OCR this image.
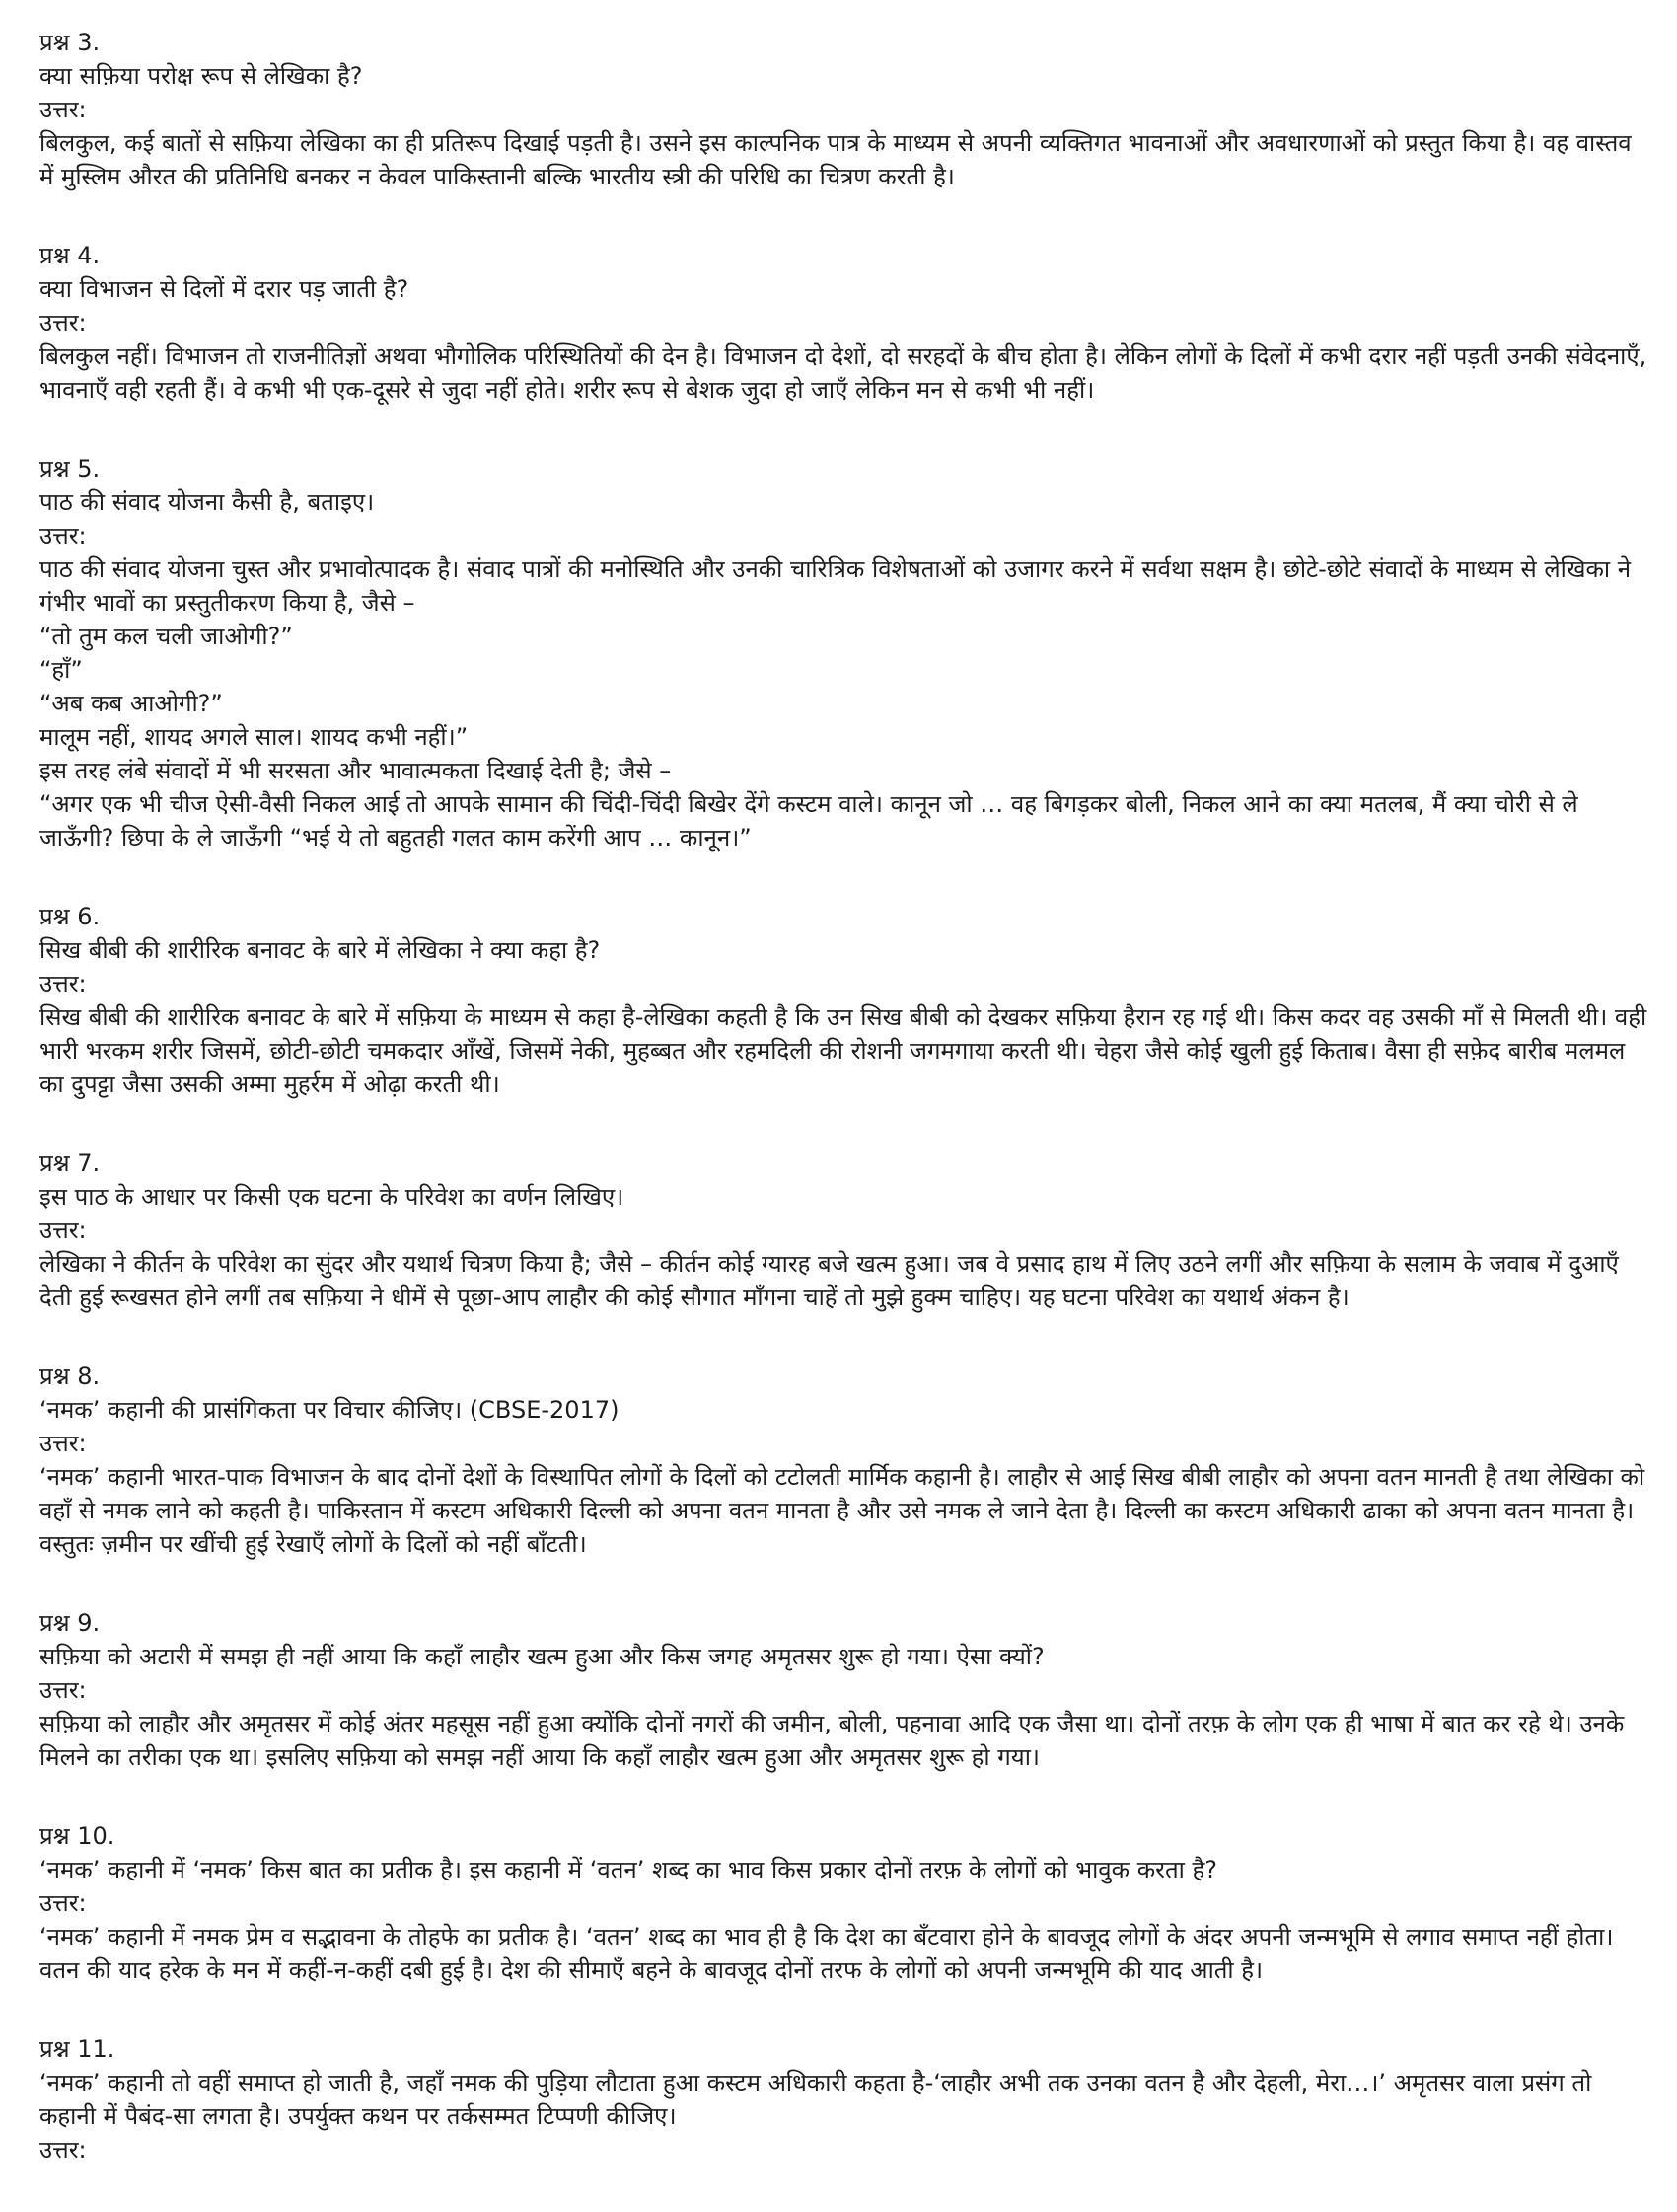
प्रश्न 3.

क्या सफ़िया परोक्ष रूप से लेखिका है?

उत्तर:

बिलकुल, कई बातों से सफ़िया लेखिका का ही प्रतिरूप दिखाई पड़ती है। उसने इस काल्पनिक पात्र के माध्यम से अपनी व्यक्तिगत भावनाओं और अवधारणाओं को प्रस्तुत किया है। वह वास्तव में मुस्लिम औरत की प्रतिनिधि बनकर न केवल पाकिस्तानी बल्कि भारतीय स्त्री की परिधि का चित्रण करती है।

प्रश्न 4.

क्या विभाजन से दिलों में दरार पड़ जाती है?

उत्तर:

बिलकुल नहीं। विभाजन तो राजनीतिज्ञों अथवा भौगोलिक परिस्थितियों की देन है। विभाजन दो देशों, दो सरहदों के बीच होता है। लेकिन लोगों के दिलों में कभी दरार नहीं पड़ती उनकी संवेदनाएँ, भावनाएँ वही रहती हैं। वे कभी भी एक-दूसरे से जुदा नहीं होते। शरीर रूप से बेशक जुदा हो जाएँ लेकिन मन से कभी भी नहीं।

प्रश्न 5.

पाठ की संवाद योजना कैसी है, बताइए।

उत्तर:

पाठ की संवाद योजना चुस्त और प्रभावोत्पादक है। संवाद पात्रों की मनोस्थिति और उनकी चारित्रिक विशेषताओं को उजागर करने में सर्वथा सक्षम है। छोटे-छोटे संवादों के माध्यम से लेखिका ने गंभीर भावों का प्रस्तुतीकरण किया है, जैसे –

“तो तुम कल चली जाओगी?”

“हाँ”

“अब कब आओगी?”

मालूम नहीं, शायद अगले साल। शायद कभी नहीं।”

इस तरह लंबे संवादों में भी सरसता और भावात्मकता दिखाई देती है; जैसे –

“अगर एक भी चीज ऐसी-वैसी निकल आई तो आपके सामान की चिंदी-चिंदी बिखेर देंगे कस्टम वाले। कानून जो … वह बिगड़कर बोली, निकल आने का क्या मतलब, मैं क्या चोरी से ले जाऊँगी? छिपा के ले जाऊँगी “भई ये तो बहुतही गलत काम करेंगी आप … कानून।”

प्रश्न 6.

सिख बीबी की शारीरिक बनावट के बारे में लेखिका ने क्या कहा है?

उत्तर:

सिख बीबी की शारीरिक बनावट के बारे में सफ़िया के माध्यम से कहा है-लेखिका कहती है कि उन सिख बीबी को देखकर सफ़िया हैरान रह गई थी। किस कदर वह उसकी माँ से मिलती थी। वही भारी भरकम शरीर जिसमें, छोटी-छोटी चमकदार आँखें, जिसमें नेकी, मुहब्बत और रहमदिली की रोशनी जगमगाया करती थी। चेहरा जैसे कोई खुली हुई किताब। वैसा ही सफ़ेद बारीब मलमल का दुपट्टा जैसा उसकी अम्मा मुहर्रम में ओढ़ा करती थी।

प्रश्न 7.

इस पाठ के आधार पर किसी एक घटना के परिवेश का वर्णन लिखिए।

उत्तर:

लेखिका ने कीर्तन के परिवेश का सुंदर और यथार्थ चित्रण किया है; जैसे – कीर्तन कोई ग्यारह बजे खत्म हुआ। जब वे प्रसाद हाथ में लिए उठने लगीं और सफ़िया के सलाम के जवाब में दुआएँ देती हुई रूखसत होने लगीं तब सफ़िया ने धीमें से पूछा-आप लाहौर की कोई सौगात माँगना चाहें तो मुझे हुक्म चाहिए। यह घटना परिवेश का यथार्थ अंकन है।

प्रश्न 8.

‘नमक’ कहानी की प्रासंगिकता पर विचार कीजिए। (CBSE-2017)

उत्तर:

‘नमक’ कहानी भारत-पाक विभाजन के बाद दोनों देशों के विस्थापित लोगों के दिलों को टटोलती मार्मिक कहानी है। लाहौर से आई सिख बीबी लाहौर को अपना वतन मानती है तथा लेखिका को वहाँ से नमक लाने को कहती है। पाकिस्तान में कस्टम अधिकारी दिल्ली को अपना वतन मानता है और उसे नमक ले जाने देता है। दिल्ली का कस्टम अधिकारी ढाका को अपना वतन मानता है। वस्तुतः ज़मीन पर खींची हुई रेखाएँ लोगों के दिलों को नहीं बाँटती।

प्रश्न 9.

सफ़िया को अटारी में समझ ही नहीं आया कि कहाँ लाहौर खत्म हुआ और किस जगह अमृतसर शुरू हो गया। ऐसा क्यों?

उत्तर:

सफ़िया को लाहौर और अमृतसर में कोई अंतर महसूस नहीं हुआ क्योंकि दोनों नगरों की जमीन, बोली, पहनावा आदि एक जैसा था। दोनों तरफ़ के लोग एक ही भाषा में बात कर रहे थे। उनके मिलने का तरीका एक था। इसलिए सफ़िया को समझ नहीं आया कि कहाँ लाहौर खत्म हुआ और अमृतसर शुरू हो गया।

प्रश्न 10.

‘नमक’ कहानी में ‘नमक’ किस बात का प्रतीक है। इस कहानी में ‘वतन’ शब्द का भाव किस प्रकार दोनों तरफ़ के लोगों को भावुक करता है?

उत्तर:

‘नमक’ कहानी में नमक प्रेम व सद्भावना के तोहफे का प्रतीक है। ‘वतन’ शब्द का भाव ही है कि देश का बँटवारा होने के बावजूद लोगों के अंदर अपनी जन्मभूमि से लगाव समाप्त नहीं होता। वतन की याद हरेक के मन में कहीं-न-कहीं दबी हुई है। देश की सीमाएँ बहने के बावजूद दोनों तरफ के लोगों को अपनी जन्मभूमि की याद आती है।

प्रश्न 11.

‘नमक’ कहानी तो वहीं समाप्त हो जाती है, जहाँ नमक की पुड़िया लौटाता हुआ कस्टम अधिकारी कहता है-‘लाहौर अभी तक उनका वतन है और देहली, मेरा…।’ अमृतसर वाला प्रसंग तो कहानी में पैबंद-सा लगता है। उपर्युक्त कथन पर तर्कसम्मत टिप्पणी कीजिए।

उत्तर:
